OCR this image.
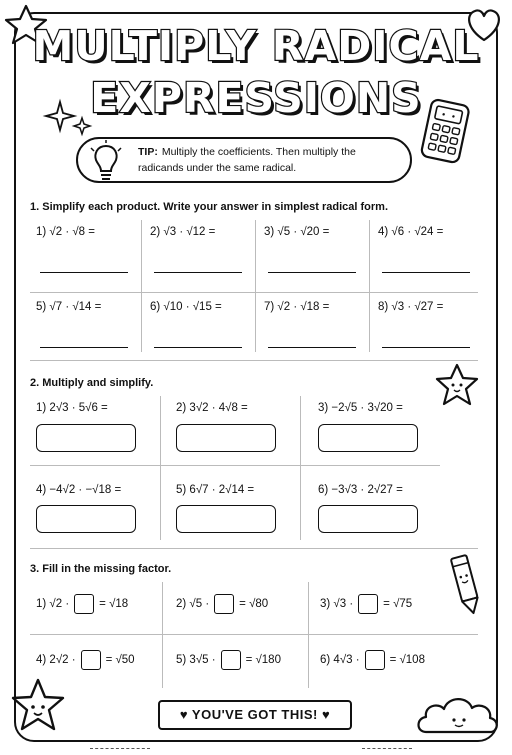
MULTIPLY RADICAL
EXPRESSIONS
TIP: Multiply the coefficients. Then multiply the radicands under the same radical.
1. Simplify each product. Write your answer in simplest radical form.
1) √2 · √8 =	2) √3 · √12 =	3) √5 · √20 =	4) √6 · √24 =
5) √7 · √14 =	6) √10 · √15 =	7) √2 · √18 =	8) √3 · √27 =
2. Multiply and simplify.
1) 2√3 · 5√6 =	2) 3√2 · 4√8 =	3) −2√5 · 3√20 =
4) −4√2 · −√18 =	5) 6√7 · 2√14 =	6) −3√3 · 2√27 =
3. Fill in the missing factor.
1) √2 ·	= √18	2) √5 ·	= √80	3) √3 ·	= √75
4) 2√2 ·	= √50	5) 3√5 ·	= √180	6) 4√3 ·	= √108
♥ YOU'VE GOT THIS! ♥
